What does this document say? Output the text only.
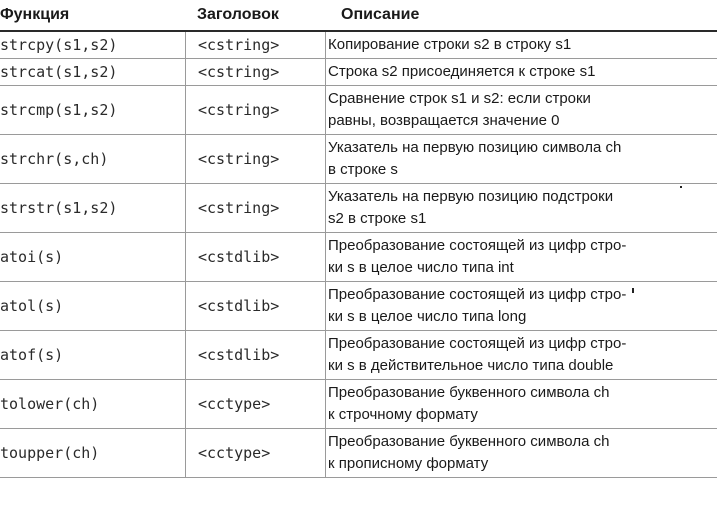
Функция	Заголовок	Описание
strcpy(s1,s2)	<cstring>	Копирование строки s2 в строку s1
strcat(s1,s2)	<cstring>	Строка s2 присоединяется к строке s1
strcmp(s1,s2)	<cstring>
Сравнение строк s1 и s2: если строки
равны, возвращается значение 0
strchr(s,ch)	<cstring>
Указатель на первую позицию символа ch
в строке s
strstr(s1,s2)	<cstring>
Указатель на первую позицию подстроки
s2 в строке s1
atoi(s)	<cstdlib>
Преобразование состоящей из цифр стро-
ки s в целое число типа int
atol(s)	<cstdlib>
Преобразование состоящей из цифр стро-
ки s в целое число типа long
atof(s)	<cstdlib>
Преобразование состоящей из цифр стро-
ки s в действительное число типа double
tolower(ch)	<cctype>
Преобразование буквенного символа ch
к строчному формату
toupper(ch)	<cctype>
Преобразование буквенного символа ch
к прописному формату
